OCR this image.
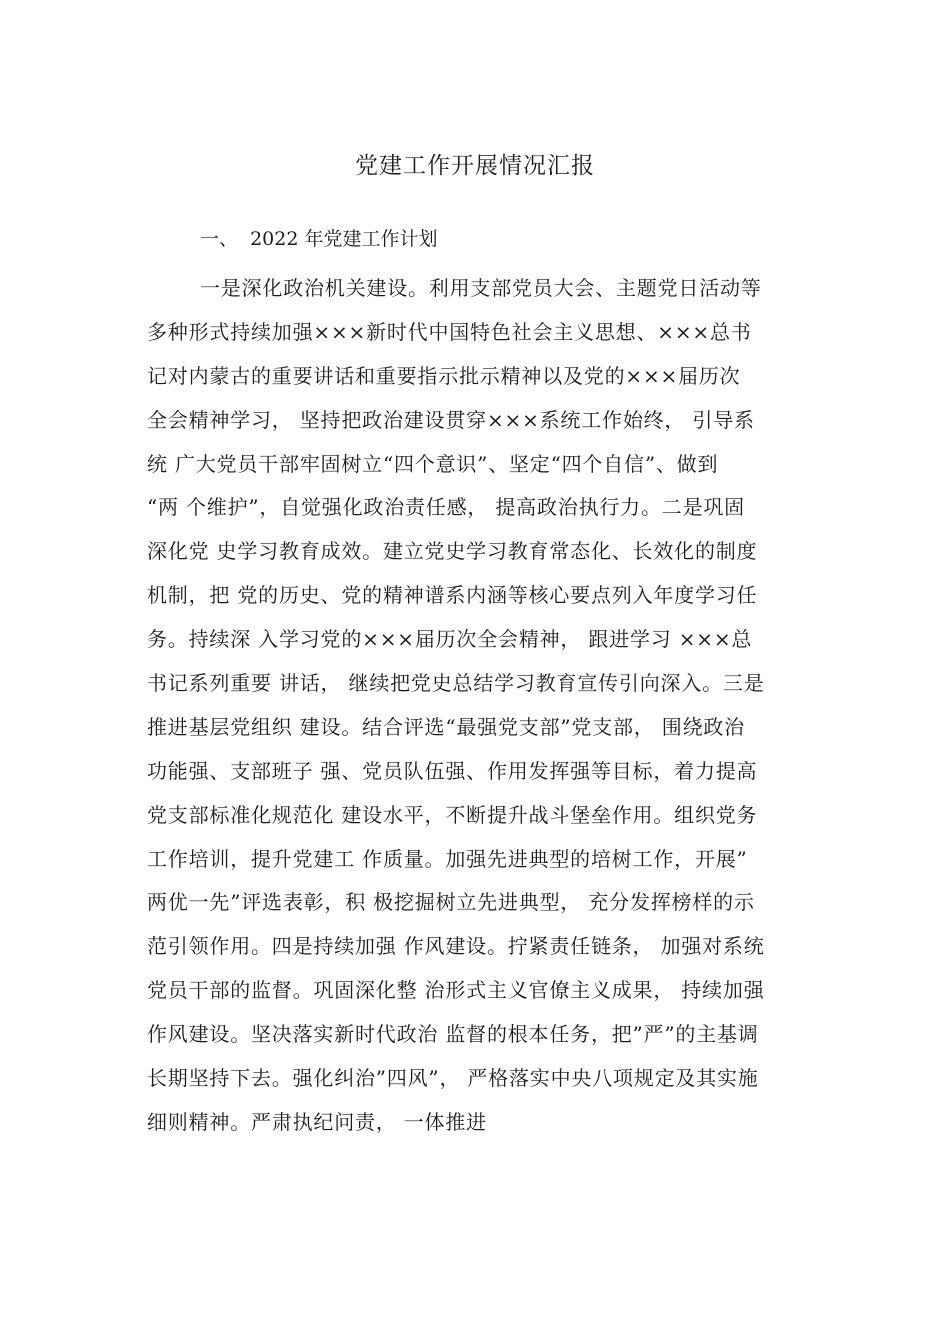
党建工作开展情况汇报
一、  2022 年党建工作计划
一是深化政治机关建设。利用支部党员大会、主题党日活动等
多种形式持续加强×××新时代中国特色社会主义思想、×××总书
记对内蒙古的重要讲话和重要指示批示精神以及党的×××届历次
全会精神学习， 坚持把政治建设贯穿×××系统工作始终， 引导系
统 广大党员干部牢固树立“四个意识”、坚定“四个自信”、做到
“两 个维护”，自觉强化政治责任感， 提高政治执行力。二是巩固
深化党 史学习教育成效。建立党史学习教育常态化、长效化的制度
机制，把 党的历史、党的精神谱系内涵等核心要点列入年度学习任
务。持续深 入学习党的×××届历次全会精神， 跟进学习 ×××总
书记系列重要 讲话， 继续把党史总结学习教育宣传引向深入。三是
推进基层党组织 建设。结合评选“最强党支部”党支部， 围绕政治
功能强、支部班子 强、党员队伍强、作用发挥强等目标，着力提高
党支部标准化规范化 建设水平，不断提升战斗堡垒作用。组织党务
工作培训，提升党建工 作质量。加强先进典型的培树工作，开展”
两优一先”评选表彰，积 极挖掘树立先进典型， 充分发挥榜样的示
范引领作用。四是持续加强 作风建设。拧紧责任链条， 加强对系统
党员干部的监督。巩固深化整 治形式主义官僚主义成果， 持续加强
作风建设。坚决落实新时代政治 监督的根本任务，把”严”的主基调
长期坚持下去。强化纠治”四风”， 严格落实中央八项规定及其实施
细则精神。严肃执纪问责， 一体推进
